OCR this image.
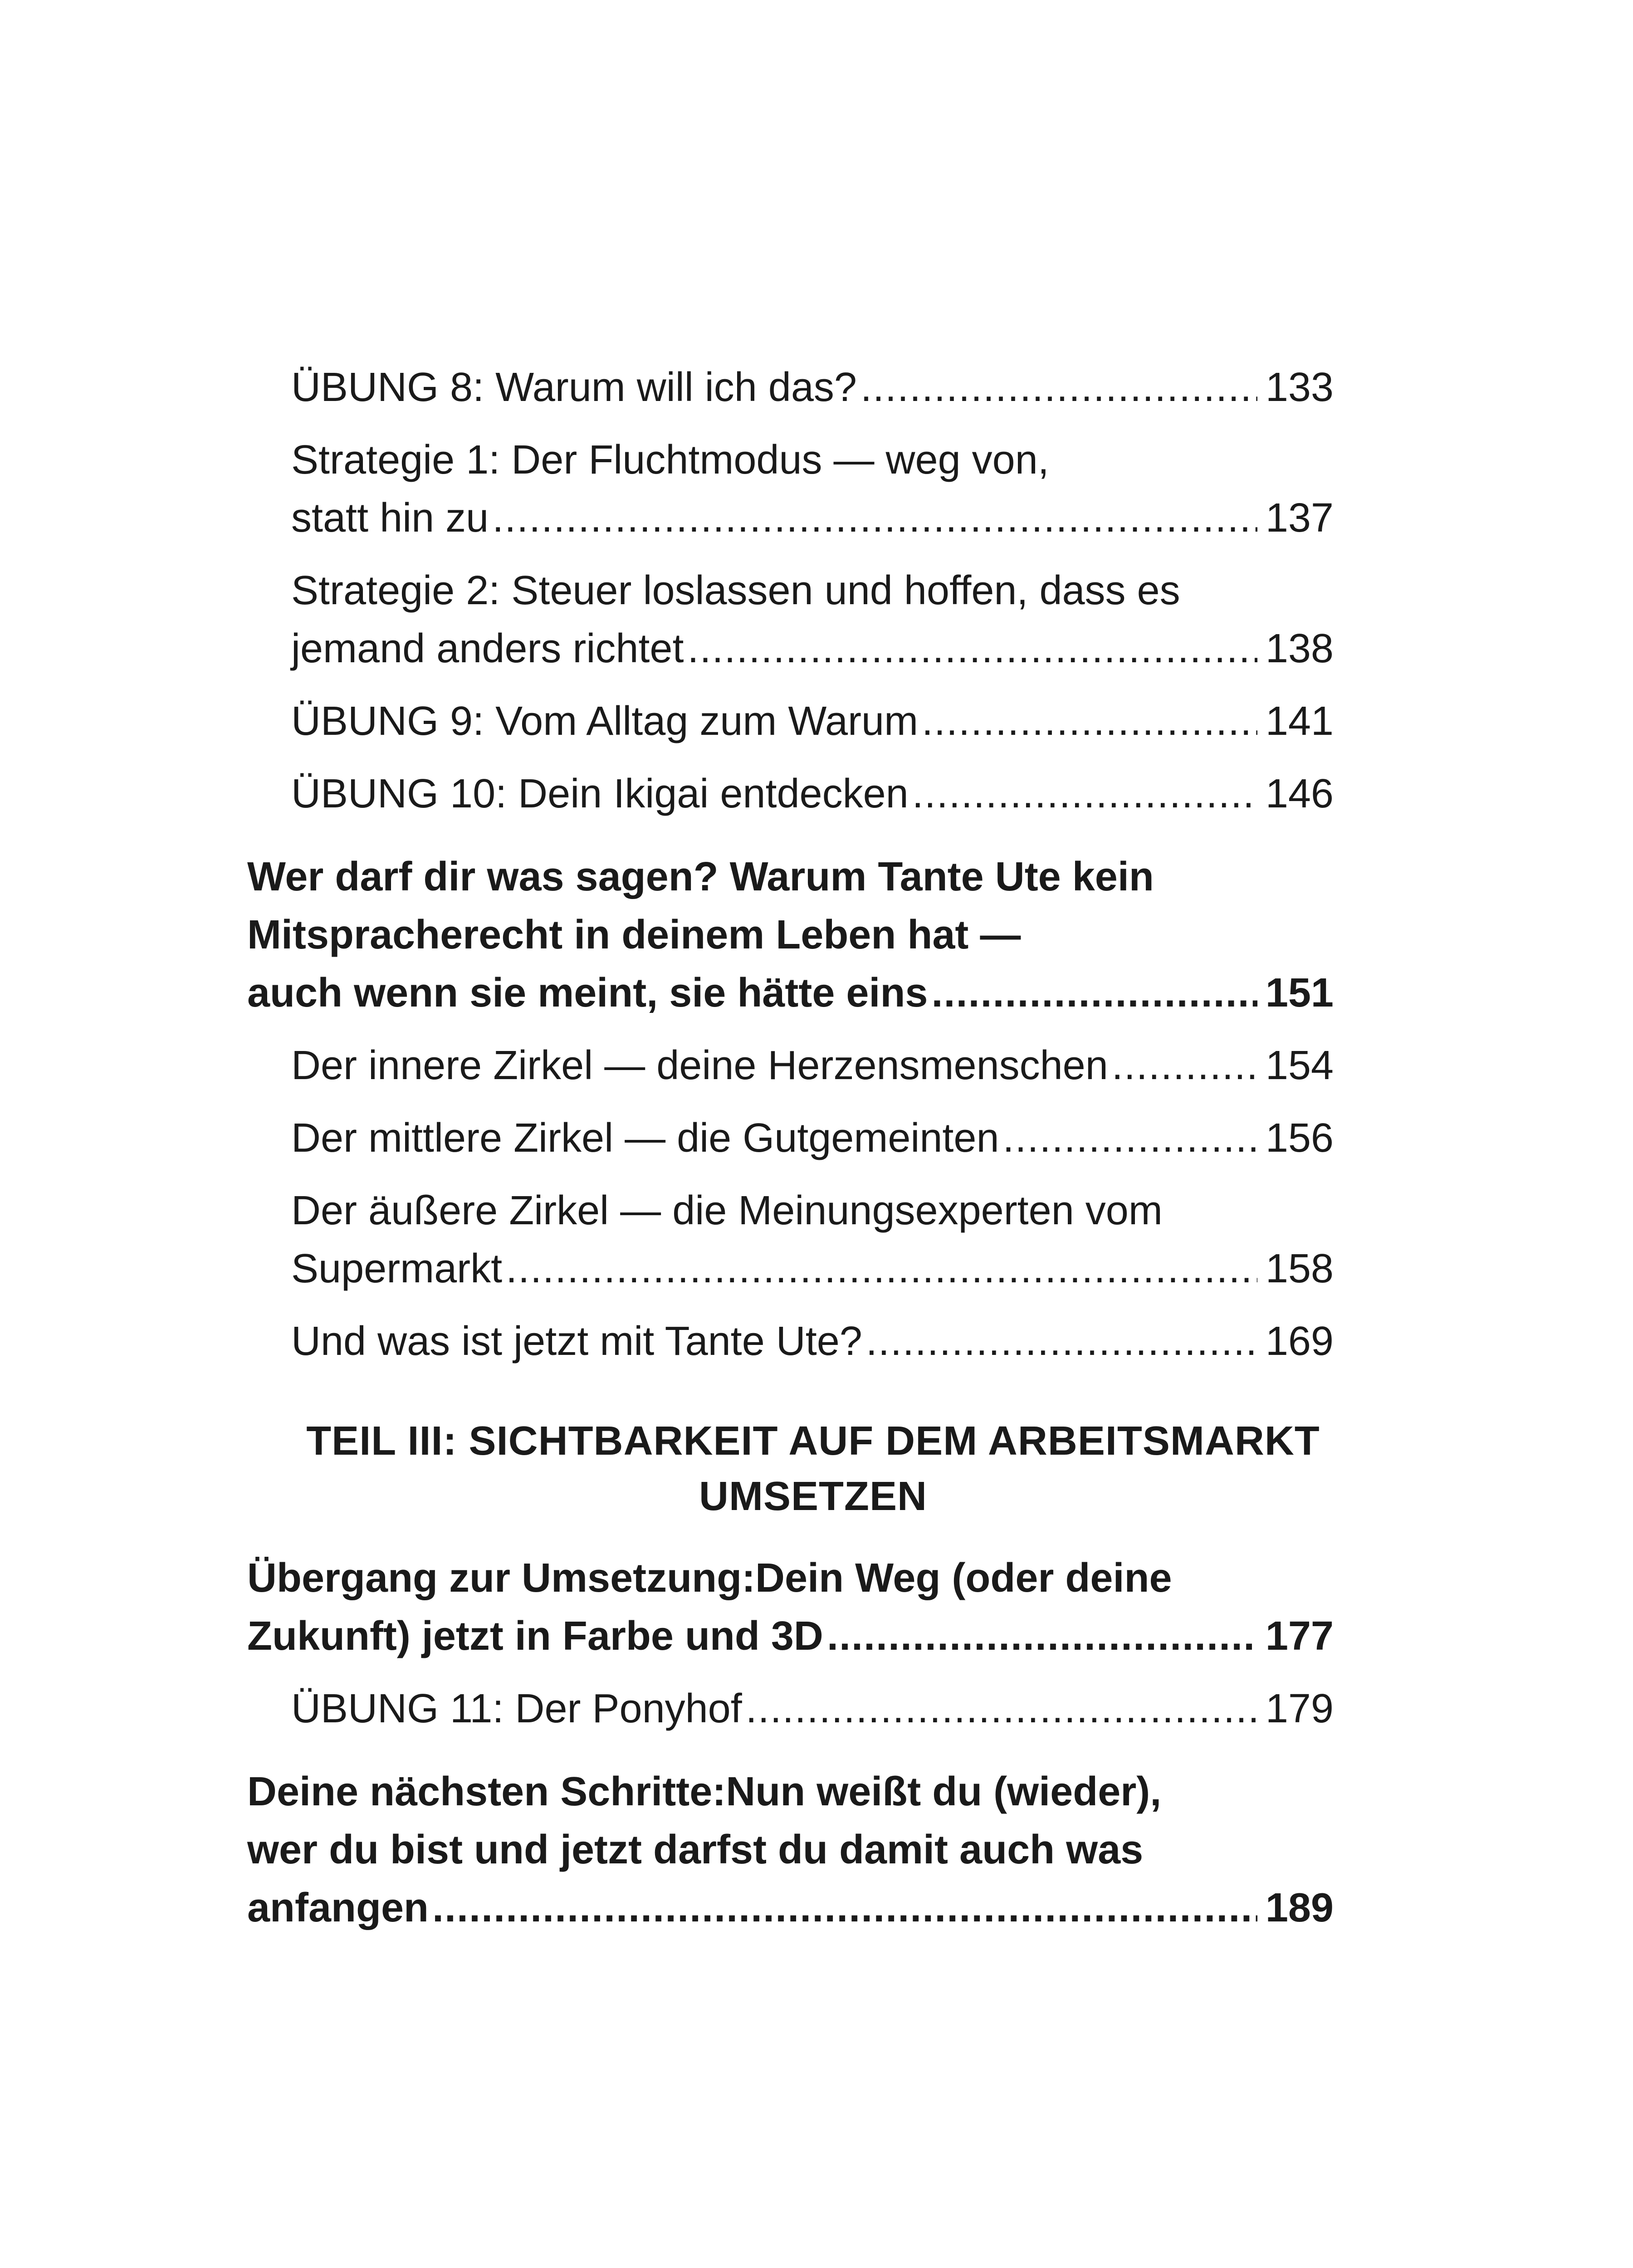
ÜBUNG 8: Warum will ich das? .....	133
Strategie 1: Der Fluchtmodus — weg von,
statt hin zu .....	137
Strategie 2: Steuer loslassen und hoffen, dass es
jemand anders richtet .....	138
ÜBUNG 9: Vom Alltag zum Warum .....	141
ÜBUNG 10: Dein Ikigai entdecken .....	146
Wer darf dir was sagen? Warum Tante Ute kein
Mitspracherecht in deinem Leben hat —
auch wenn sie meint, sie hätte eins .....	151
Der innere Zirkel — deine Herzensmenschen .....	154
Der mittlere Zirkel — die Gutgemeinten .....	156
Der äußere Zirkel — die Meinungsexperten vom
Supermarkt .....	158
Und was ist jetzt mit Tante Ute? .....	169
TEIL III: SICHTBARKEIT AUF DEM ARBEITSMARKT
UMSETZEN
Übergang zur Umsetzung:Dein Weg (oder deine
Zukunft) jetzt in Farbe und 3D .....	177
ÜBUNG 11: Der Ponyhof .....	179
Deine nächsten Schritte:Nun weißt du (wieder),
wer du bist und jetzt darfst du damit auch was
anfangen .....	189
